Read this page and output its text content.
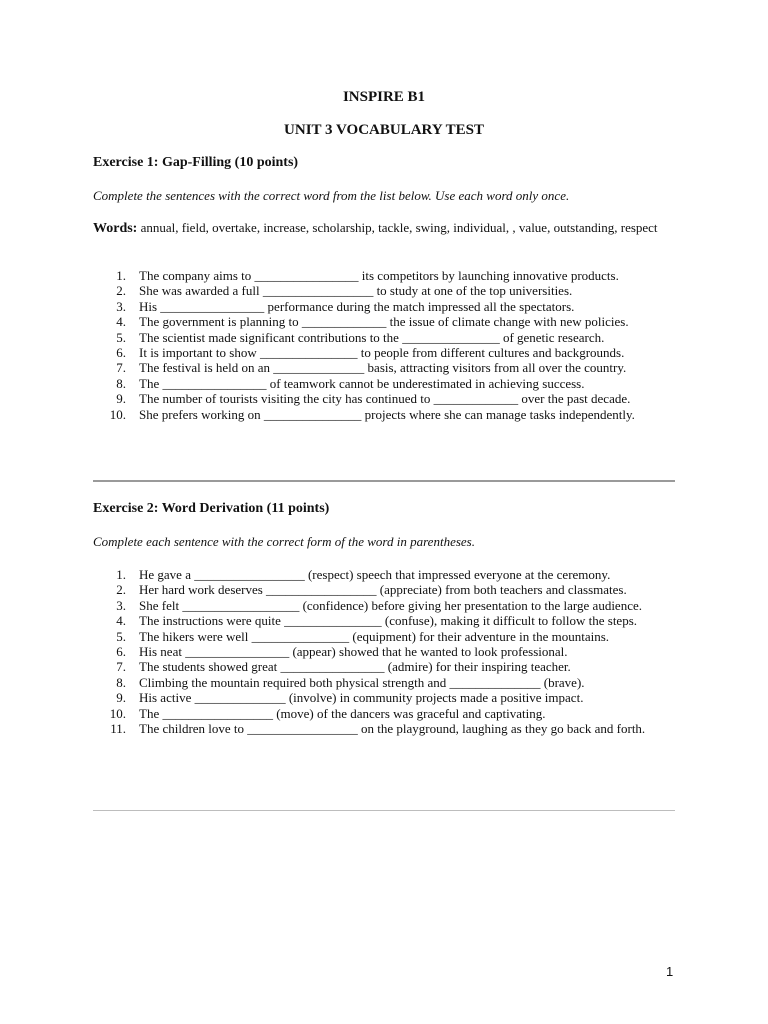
INSPIRE B1
UNIT 3 VOCABULARY TEST
Exercise 1: Gap-Filling (10 points)
Complete the sentences with the correct word from the list below. Use each word only once.
Words: annual, field, overtake, increase, scholarship, tackle, swing, individual, , value, outstanding, respect
1. The company aims to ________________ its competitors by launching innovative products.
2. She was awarded a full _________________ to study at one of the top universities.
3. His ________________ performance during the match impressed all the spectators.
4. The government is planning to _____________ the issue of climate change with new policies.
5. The scientist made significant contributions to the _______________ of genetic research.
6. It is important to show _______________ to people from different cultures and backgrounds.
7. The festival is held on an ______________ basis, attracting visitors from all over the country.
8. The ________________ of teamwork cannot be underestimated in achieving success.
9. The number of tourists visiting the city has continued to _____________ over the past decade.
10. She prefers working on _______________ projects where she can manage tasks independently.
Exercise 2: Word Derivation (11 points)
Complete each sentence with the correct form of the word in parentheses.
1. He gave a _________________ (respect) speech that impressed everyone at the ceremony.
2. Her hard work deserves _________________ (appreciate) from both teachers and classmates.
3. She felt __________________ (confidence) before giving her presentation to the large audience.
4. The instructions were quite _______________ (confuse), making it difficult to follow the steps.
5. The hikers were well _______________ (equipment) for their adventure in the mountains.
6. His neat ________________ (appear) showed that he wanted to look professional.
7. The students showed great ________________ (admire) for their inspiring teacher.
8. Climbing the mountain required both physical strength and ______________ (brave).
9. His active ______________ (involve) in community projects made a positive impact.
10. The _________________ (move) of the dancers was graceful and captivating.
11. The children love to _________________ on the playground, laughing as they go back and forth.
1
